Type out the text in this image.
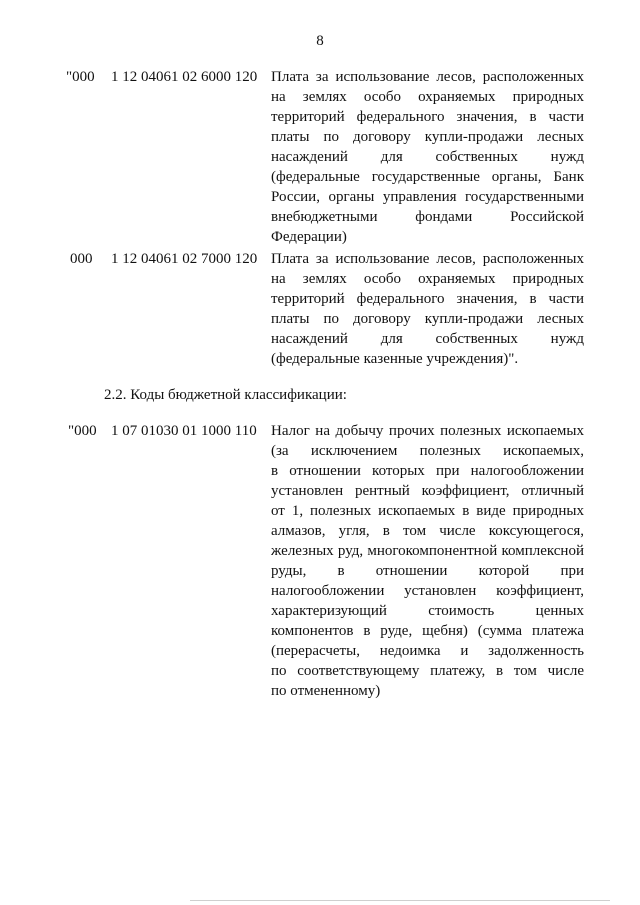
8
"000 1 12 04061 02 6000 120 Плата за использование лесов, расположенных
на землях особо охраняемых природных
территорий федерального значения, в части
платы по договору купли-продажи лесных
насаждений для собственных нужд
(федеральные государственные органы, Банк
России, органы управления государственными
внебюджетными фондами Российской
Федерации)
000 1 12 04061 02 7000 120 Плата за использование лесов, расположенных
на землях особо охраняемых природных
территорий федерального значения, в части
платы по договору купли-продажи лесных
насаждений для собственных нужд
(федеральные казенные учреждения)".
2.2. Коды бюджетной классификации:
"000 1 07 01030 01 1000 110 Налог на добычу прочих полезных ископаемых
(за исключением полезных ископаемых,
в отношении которых при налогообложении
установлен рентный коэффициент, отличный
от 1, полезных ископаемых в виде природных
алмазов, угля, в том числе коксующегося,
железных руд, многокомпонентной комплексной
руды, в отношении которой при
налогообложении установлен коэффициент,
характеризующий стоимость ценных
компонентов в руде, щебня) (сумма платежа
(перерасчеты, недоимка и задолженность
по соответствующему платежу, в том числе
по отмененному)
